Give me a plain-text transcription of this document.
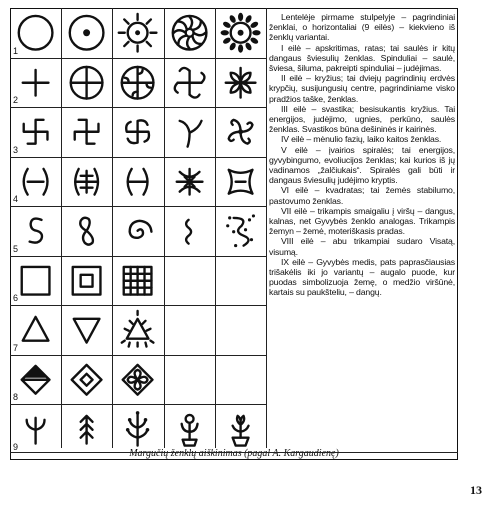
1
2
3
4
5
6
7
8
9

Lentelėje pirmame stulpelyje – pagrindiniai ženklai, o horizontaliai (9 eilės) – kiekvieno iš ženklų variantai.

I eilė – apskritimas, ratas; tai saulės ir kitų dangaus šviesulių ženklas. Spinduliai – saulė, šviesa, šiluma, pakreipti spinduliai – judėjimas.

II eilė – kryžius; tai dviejų pagrindinių erdvės krypčių, susijungusių centre, pagrindiniame visko pradžios taške, ženklas.

III eilė – svastika; besisukantis kryžius. Tai energijos, judėjimo, ugnies, perkūno, saulės ženklas. Svastikos būna dešininės ir kairinės.

IV eilė – mėnulio fazių, laiko kaitos ženklas.

V eilė – įvairios spiralės; tai energijos, gyvybingumo, evoliucijos ženklas; kai kurios iš jų vadinamos „žalčiukais“. Spiralės gali būti ir dangaus šviesulių judėjimo kryptis.

VI eilė – kvadratas; tai žemės stabilumo, pastovumo ženklas.

VII eilė – trikampis smaigaliu į viršų – dangus, kalnas, net Gyvybės ženklo analogas. Trikampis žemyn – žemė, moteriškasis pradas.

VIII eilė – abu trikampiai sudaro Visatą, visumą.

IX eilė – Gyvybės medis, pats paprasčiausias trišakėlis iki jo variantų – augalo puode, kur puodas simbolizuoja žemę, o medžio viršūnė, kartais su paukšteliu, – dangų.

Margučių ženklų aiškinimas (pagal A. Kargaudienę)
13
